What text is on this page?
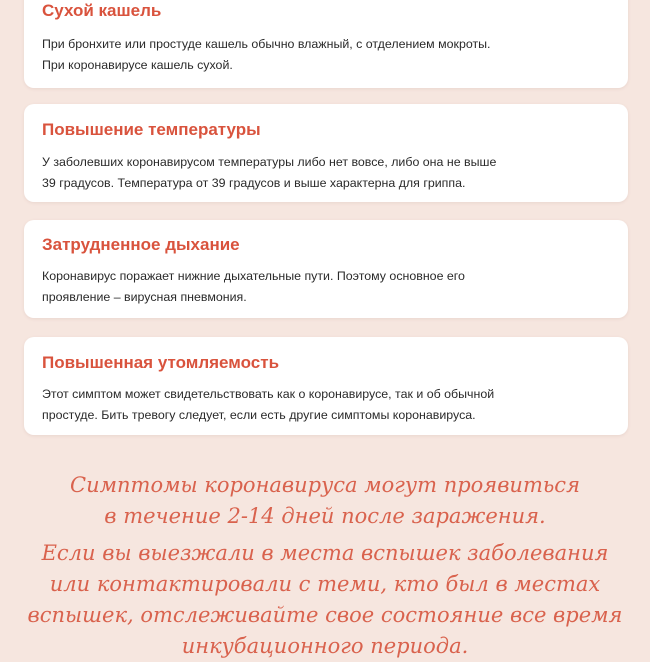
Сухой кашель

При бронхите или простуде кашель обычно влажный, с отделением мокроты.
При коронавирусе кашель сухой.

Повышение температуры

У заболевших коронавирусом температуры либо нет вовсе, либо она не выше
39 градусов. Температура от 39 градусов и выше характерна для гриппа.

Затрудненное дыхание

Коронавирус поражает нижние дыхательные пути. Поэтому основное его
проявление – вирусная пневмония.

Повышенная утомляемость

Этот симптом может свидетельствовать как о коронавирусе, так и об обычной
простуде. Бить тревогу следует, если есть другие симптомы коронавируса.

Симптомы коронавируса могут проявиться
в течение 2-14 дней после заражения.

Если вы выезжали в места вспышек заболевания
или контактировали с теми, кто был в местах
вспышек, отслеживайте свое состояние все время
инкубационного периода.
